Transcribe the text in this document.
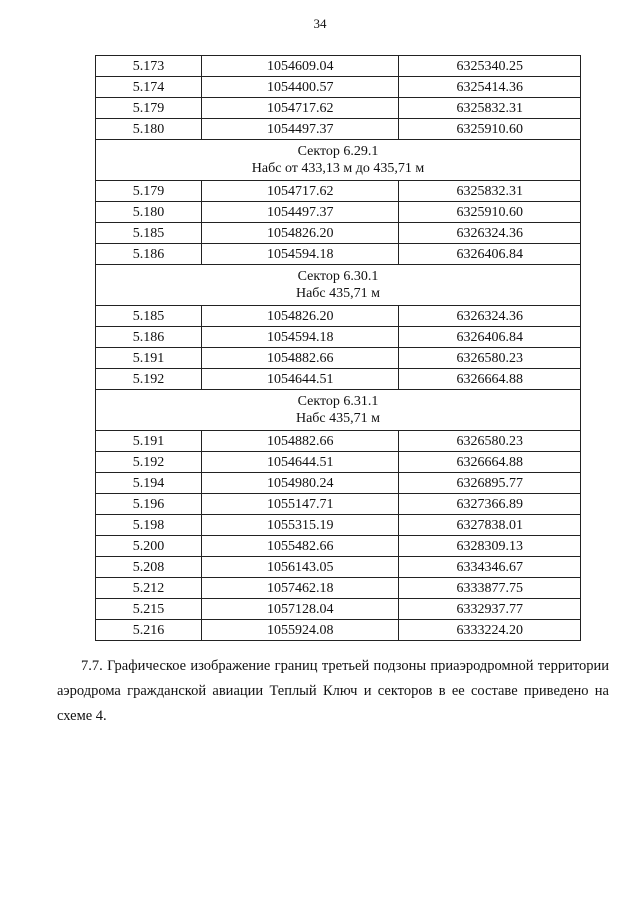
34
5.173	1054609.04	6325340.25
5.174	1054400.57	6325414.36
5.179	1054717.62	6325832.31
5.180	1054497.37	6325910.60

Сектор 6.29.1
Набс от 433,13 м до 435,71 м		

5.179	1054717.62	6325832.31
5.180	1054497.37	6325910.60
5.185	1054826.20	6326324.36
5.186	1054594.18	6326406.84

Сектор 6.30.1
Набс 435,71 м		

5.185	1054826.20	6326324.36
5.186	1054594.18	6326406.84
5.191	1054882.66	6326580.23
5.192	1054644.51	6326664.88

Сектор 6.31.1
Набс 435,71 м		

5.191	1054882.66	6326580.23
5.192	1054644.51	6326664.88
5.194	1054980.24	6326895.77
5.196	1055147.71	6327366.89
5.198	1055315.19	6327838.01
5.200	1055482.66	6328309.13
5.208	1056143.05	6334346.67
5.212	1057462.18	6333877.75
5.215	1057128.04	6332937.77
5.216	1055924.08	6333224.20
7.7. Графическое изображение границ третьей подзоны приаэродромной территории аэродрома гражданской авиации Теплый Ключ и секторов в ее составе приведено на схеме 4.
